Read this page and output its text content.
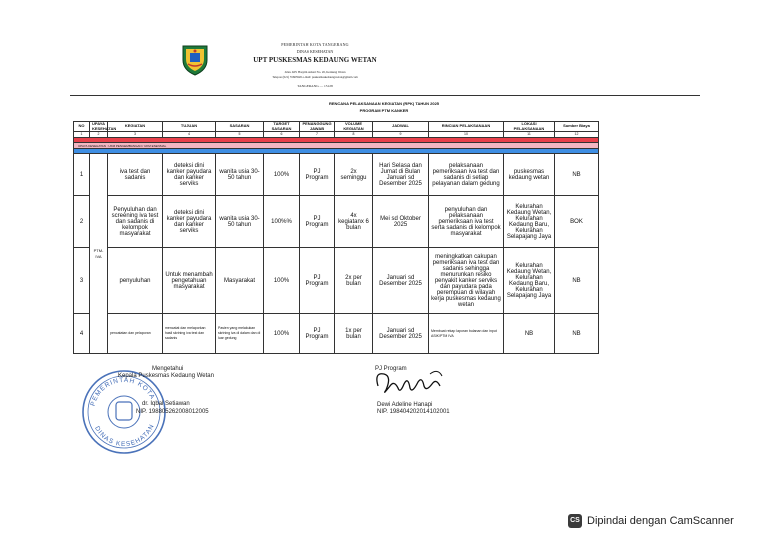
PEMERINTAH KOTA TANGERANG
DINAS KESEHATAN
UPT PUSKESMAS KEDAUNG WETAN
Jalan. KH. Hasyim Ashari No. 26, Kedaung Wetan
Telepon (021) 55665926 e-mail: puskesmaskedaungwetan@gmail.com
TANGERANG — 15128
RENCANA PELAKSANAAN KEGIATAN (RPK) TAHUN 2025
PROGRAM PTM KANKER
NO	UPAYA KESEHATAN	KEGIATAN	TUJUAN	SASARAN	TARGET SASARAN	PENANGGUNG JAWAB	VOLUME KEGIATAN	JADWAL	RINCIAN PELAKSANAAN	LOKASI PELAKSANAAN	Sumber Biaya
1	2	3	4	5	6	7	8	9	10	11	12

UPAYA KESEHATAN : UKM PENGEMBANGAN / UKM ESENSIAL											

1	PTM-IVA	iva test dan sadanis	deteksi dini kanker payudara dan kanker serviks	wanita usia 30-50 tahun	100%	PJ Program	2x seminggu	Hari Selasa dan Jumat di Bulan Januari sd Desember 2025	pelaksanaan pemeriksaan iva test dan sadanis di setiap pelayanan dalam gedung	puskesmas kedaung wetan	NB
2		Penyuluhan dan screening iva test dan sadanis di kelompok masyarakat	deteksi dini kanker payudara dan kanker serviks	wanita usia 30-50 tahun	100%%	PJ Program	4x kegiatanx 6 bulan	Mei sd Oktober 2025	penyuluhan dan pelaksanaan pemeriksaan iva test serta sadanis di kelompok masyarakat	Kelurahan Kedaung Wetan, Kelurahan Kedaung Baru, Kelurahan Selapajang Jaya	BOK
3		penyuluhan	Untuk menambah pengetahuan masyarakat	Masyarakat	100%	PJ Program	2x per bulan	Januari sd Desember 2025	meningkatkan cakupan pemeriksaan iva test dan sadanis sehingga menurunkan resiko penyakit kanker serviks dan payudara pada perempuan di wilayah kerja puskesmas kedaung wetan	Kelurahan Kedaung Wetan, Kelurahan Kedaung Baru, Kelurahan Selapajang Jaya	NB
4		pencatatan dan pelaporan	mencatat dan melaporkan hasil skrining iva test dan sadanis	Pasien yang melakukan skrining iva di dalam dan di luar gedung	100%	PJ Program	1x per bulan	Januari sd Desember 2025	Membuat rekap laporan bulanan dan input ASIK/PTM IVA	NB	NB
PEMERINTAH KOTA
DINAS KESEHATAN
Mengetahui
Kepala Puskesmas Kedaung Wetan
dr. Iqbal Setiawan
NIP. 198805262008012005
PJ Program
Dewi Adeline Hanapi
NIP. 198404202014102001
CS Dipindai dengan CamScanner
